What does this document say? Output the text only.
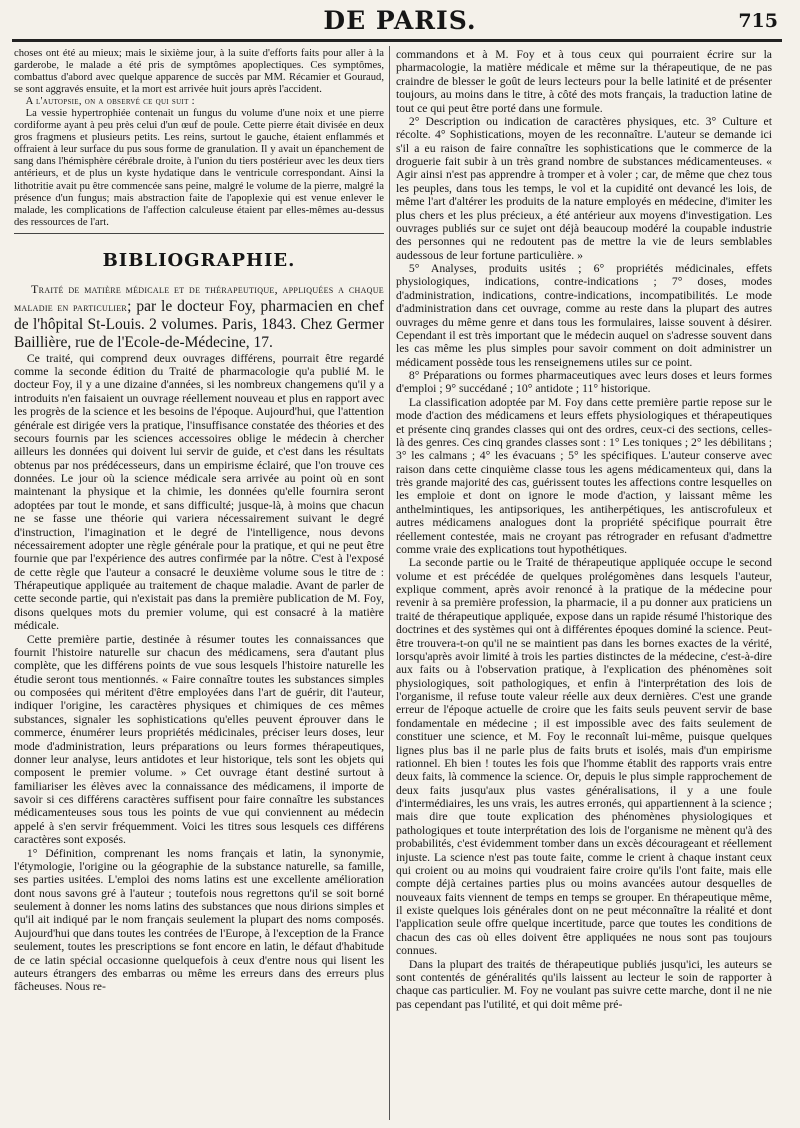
DE PARIS.	715

choses ont été au mieux; mais le sixième jour, à la suite d'efforts faits pour aller à la garderobe, le malade a été pris de symptômes apoplectiques. Ces symptômes, combattus d'abord avec quelque apparence de succès par MM. Récamier et Gouraud, se sont aggravés ensuite, et la mort est arrivée huit jours après l'accident.

A l'autopsie, on a observé ce qui suit :

La vessie hypertrophiée contenait un fungus du volume d'une noix et une pierre cordiforme ayant à peu près celui d'un œuf de poule. Cette pierre était divisée en deux gros fragmens et plusieurs petits. Les reins, surtout le gauche, étaient enflammés et offraient à leur surface du pus sous forme de granulation. Il y avait un épanchement de sang dans l'hémisphère cérébrale droite, à l'union du tiers postérieur avec les deux tiers antérieurs, et de plus un kyste hydatique dans le ventricule correspondant. Ainsi la lithotritie avait pu être commencée sans peine, malgré le volume de la pierre, malgré la présence d'un fungus; mais abstraction faite de l'apoplexie qui est venue enlever le malade, les complications de l'affection calculeuse étaient par elles-mêmes au-dessus des ressources de l'art.

BIBLIOGRAPHIE.

Traité de matière médicale et de thérapeutique, appliquées a chaque maladie en particulier; par le docteur Foy, pharmacien en chef de l'hôpital St-Louis. 2 volumes. Paris, 1843. Chez Germer Baillière, rue de l'Ecole-de-Médecine, 17.

Ce traité, qui comprend deux ouvrages différens, pourrait être regardé comme la seconde édition du Traité de pharmacologie qu'a publié M. le docteur Foy, il y a une dizaine d'années, si les nombreux changemens qu'il y a introduits n'en faisaient un ouvrage réellement nouveau et plus en rapport avec les progrès de la science et les besoins de l'époque. Aujourd'hui, que l'attention générale est dirigée vers la pratique, l'insuffisance constatée des théories et des secours fournis par les sciences accessoires oblige le médecin à chercher ailleurs les données qui doivent lui servir de guide, et c'est dans les résultats obtenus par nos prédécesseurs, dans un empirisme éclairé, que l'on trouve ces données. Le jour où la science médicale sera arrivée au point où en sont maintenant la physique et la chimie, les données qu'elle fournira seront adoptées par tout le monde, et sans difficulté; jusque-là, à moins que chacun ne se fasse une théorie qui variera nécessairement suivant le degré d'instruction, l'imagination et le degré de l'intelligence, nous devons nécessairement adopter une règle générale pour la pratique, et qui ne peut être fournie que par l'expérience des autres confirmée par la nôtre. C'est à l'exposé de cette règle que l'auteur a consacré le deuxième volume sous le titre de : Thérapeutique appliquée au traitement de chaque maladie. Avant de parler de cette seconde partie, qui n'existait pas dans la première publication de M. Foy, disons quelques mots du premier volume, qui est consacré à la matière médicale.

Cette première partie, destinée à résumer toutes les connaissances que fournit l'histoire naturelle sur chacun des médicamens, sera d'autant plus complète, que les différens points de vue sous lesquels l'histoire naturelle les étudie seront tous mentionnés. « Faire connaître toutes les substances simples ou composées qui méritent d'être employées dans l'art de guérir, dit l'auteur, indiquer l'origine, les caractères physiques et chimiques de ces mêmes substances, signaler les sophistications qu'elles peuvent éprouver dans le commerce, énumérer leurs propriétés médicinales, préciser leurs doses, leur mode d'administration, leurs préparations ou leurs formes thérapeutiques, donner leur analyse, leurs antidotes et leur historique, tels sont les objets qui composent le premier volume. » Cet ouvrage étant destiné surtout à familiariser les élèves avec la connaissance des médicamens, il importe de savoir si ces différens caractères suffisent pour faire connaître les substances médicamenteuses sous tous les points de vue qui conviennent au médecin appelé à s'en servir fréquemment. Voici les titres sous lesquels ces différens caractères sont exposés.

1° Définition, comprenant les noms français et latin, la synonymie, l'étymologie, l'origine ou la géographie de la substance naturelle, sa famille, ses parties usitées. L'emploi des noms latins est une excellente amélioration dont nous savons gré à l'auteur ; toutefois nous regrettons qu'il se soit borné seulement à donner les noms latins des substances que nous dirions simples et qu'il ait indiqué par le nom français seulement la plupart des noms composés. Aujourd'hui que dans toutes les contrées de l'Europe, à l'exception de la France seulement, toutes les prescriptions se font encore en latin, le défaut d'habitude de ce latin spécial occasionne quelquefois à ceux d'entre nous qui lisent les auteurs étrangers des embarras ou même les erreurs dans des erreurs plus fâcheuses. Nous re-

commandons et à M. Foy et à tous ceux qui pourraient écrire sur la pharmacologie, la matière médicale et même sur la thérapeutique, de ne pas craindre de blesser le goût de leurs lecteurs pour la belle latinité et de présenter toujours, au moins dans le titre, à côté des mots français, la traduction latine de tout ce qui peut être porté dans une formule.

2° Description ou indication de caractères physiques, etc. 3° Culture et récolte. 4° Sophistications, moyen de les reconnaître. L'auteur se demande ici s'il a eu raison de faire connaître les sophistications que le commerce de la droguerie fait subir à un très grand nombre de substances médicamenteuses. « Agir ainsi n'est pas apprendre à tromper et à voler ; car, de même que chez tous les peuples, dans tous les temps, le vol et la cupidité ont devancé les lois, de même l'art d'altérer les produits de la nature employés en médecine, d'imiter les plus chers et les plus précieux, a été antérieur aux moyens d'investigation. Les ouvrages publiés sur ce sujet ont déjà beaucoup modéré la coupable industrie des personnes qui ne redoutent pas de mettre la vie de leurs semblables audessous de leur fortune particulière. »

5° Analyses, produits usités ; 6° propriétés médicinales, effets physiologiques, indications, contre-indications ; 7° doses, modes d'administration, indications, contre-indications, incompatibilités. Le mode d'administration dans cet ouvrage, comme au reste dans la plupart des autres ouvrages du même genre et dans tous les formulaires, laisse souvent à désirer. Cependant il est très important que le médecin auquel on s'adresse souvent dans les cas même les plus simples pour savoir comment on doit administrer un médicament possède tous les renseignemens utiles sur ce point.

8° Préparations ou formes pharmaceutiques avec leurs doses et leurs formes d'emploi ; 9° succédané ; 10° antidote ; 11° historique.

La classification adoptée par M. Foy dans cette première partie repose sur le mode d'action des médicamens et leurs effets physiologiques et thérapeutiques et présente cinq grandes classes qui ont des ordres, ceux-ci des sections, celles-là des genres. Ces cinq grandes classes sont : 1° Les toniques ; 2° les débilitans ; 3° les calmans ; 4° les évacuans ; 5° les spécifiques. L'auteur conserve avec raison dans cette cinquième classe tous les agens médicamenteux qui, dans la très grande majorité des cas, guérissent toutes les affections contre lesquelles on les emploie et dont on ignore le mode d'action, y laissant même les anthelmintiques, les antipsoriques, les antiherpétiques, les antiscrofuleux et autres médicamens analogues dont la propriété spécifique pourrait être réellement contestée, mais ne croyant pas rétrograder en refusant d'admettre comme vraie des explications tout hypothétiques.

La seconde partie ou le Traité de thérapeutique appliquée occupe le second volume et est précédée de quelques prolégomènes dans lesquels l'auteur, explique comment, après avoir renoncé à la pratique de la médecine pour revenir à sa première profession, la pharmacie, il a pu donner aux praticiens un traité de thérapeutique appliquée, expose dans un rapide résumé l'historique des doctrines et des systèmes qui ont à différentes époques dominé la science. Peut-être trouvera-t-on qu'il ne se maintient pas dans les bornes exactes de la vérité, lorsqu'après avoir limité à trois les parties distinctes de la médecine, c'est-à-dire aux faits ou à l'observation pratique, à l'explication des phénomènes soit physiologiques, soit pathologiques, et enfin à l'interprétation des lois de l'organisme, il refuse toute valeur réelle aux deux dernières. C'est une grande erreur de l'époque actuelle de croire que les faits seuls peuvent servir de base fondamentale en médecine ; il est impossible avec des faits seulement de constituer une science, et M. Foy le reconnaît lui-même, puisque quelques lignes plus bas il ne parle plus de faits bruts et isolés, mais d'un empirisme rationnel. Eh bien ! toutes les fois que l'homme établit des rapports vrais entre deux faits, là commence la science. Or, depuis le plus simple rapprochement de deux faits jusqu'aux plus vastes généralisations, il y a une foule d'intermédiaires, les uns vrais, les autres erronés, qui appartiennent à la science ; mais dire que toute explication des phénomènes physiologiques et pathologiques et toute interprétation des lois de l'organisme ne mènent qu'à des probabilités, c'est évidemment tomber dans un excès décourageant et réellement injuste. La science n'est pas toute faite, comme le crient à chaque instant ceux qui croient ou au moins qui voudraient faire croire qu'ils l'ont faite, mais elle compte déjà certaines parties plus ou moins avancées autour desquelles de nouveaux faits viennent de temps en temps se grouper. En thérapeutique même, il existe quelques lois générales dont on ne peut méconnaître la réalité et dont l'application seule offre quelque incertitude, parce que toutes les conditions de chacun des cas où elles doivent être appliquées ne nous sont pas toujours connues.

Dans la plupart des traités de thérapeutique publiés jusqu'ici, les auteurs se sont contentés de généralités qu'ils laissent au lecteur le soin de rapporter à chaque cas particulier. M. Foy ne voulant pas suivre cette marche, dont il ne nie pas cependant pas l'utilité, et qui doit même pré-
